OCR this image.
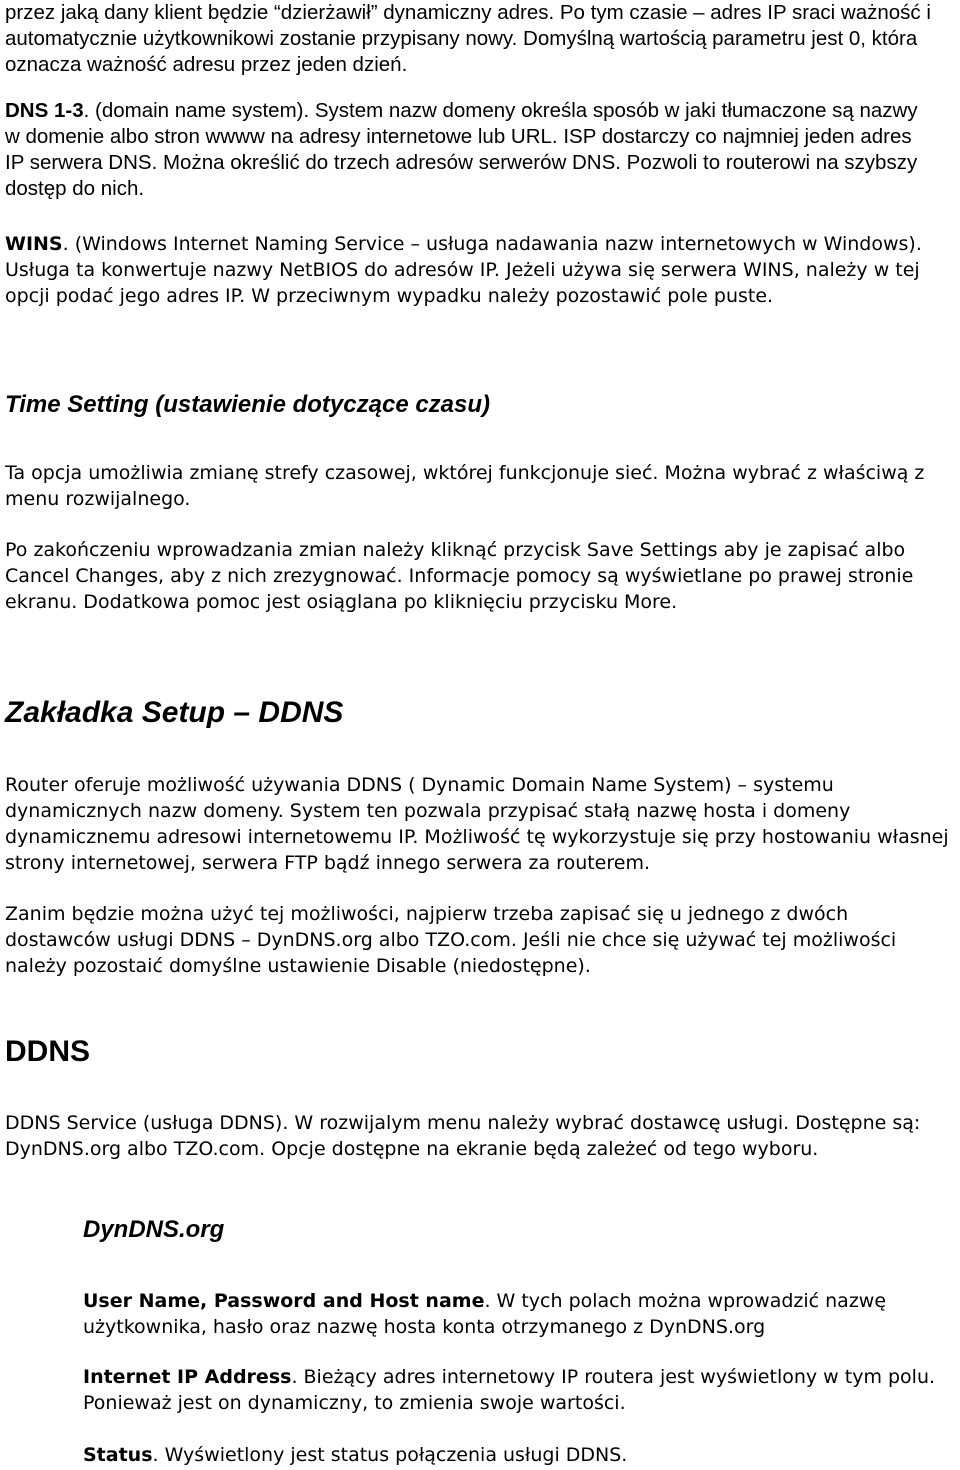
przez jaką dany klient będzie “dzierżawił” dynamiczny adres. Po tym czasie – adres IP sraci ważność i automatycznie użytkownikowi zostanie przypisany nowy. Domyślną wartością parametru jest 0, która oznacza ważność adresu przez jeden dzień.

DNS 1-3. (domain name system). System nazw domeny określa sposób w jaki tłumaczone są nazwy w domenie albo stron wwww na adresy internetowe lub URL. ISP dostarczy co najmniej jeden adres IP serwera DNS. Można określić do trzech adresów serwerów DNS. Pozwoli to routerowi na szybszy dostęp do nich.

WINS. (Windows Internet Naming Service – usługa nadawania nazw internetowych w Windows). Usługa ta konwertuje nazwy NetBIOS do adresów IP. Jeżeli używa się serwera WINS, należy w tej opcji podać jego adres IP. W przeciwnym wypadku należy pozostawić pole puste.

Time Setting (ustawienie dotyczące czasu)

Ta opcja umożliwia zmianę strefy czasowej, wktórej funkcjonuje sieć. Można wybrać z właściwą z menu rozwijalnego.

Po zakończeniu wprowadzania zmian należy kliknąć przycisk Save Settings aby je zapisać albo Cancel Changes, aby z nich zrezygnować. Informacje pomocy są wyświetlane po prawej stronie ekranu. Dodatkowa pomoc jest osiąglana po kliknięciu przycisku More.

Zakładka Setup – DDNS

Router oferuje możliwość używania DDNS ( Dynamic Domain Name System) – systemu dynamicznych nazw domeny. System ten pozwala przypisać stałą nazwę hosta i domeny dynamicznemu adresowi internetowemu IP. Możliwość tę wykorzystuje się przy hostowaniu własnej strony internetowej, serwera FTP bądź innego serwera za routerem.

Zanim będzie można użyć tej możliwości, najpierw trzeba zapisać się u jednego z dwóch dostawców usługi DDNS – DynDNS.org albo TZO.com. Jeśli nie chce się używać tej możliwości należy pozostaić domyślne ustawienie Disable (niedostępne).

DDNS

DDNS Service (usługa DDNS). W rozwijalym menu należy wybrać dostawcę usługi. Dostępne są: DynDNS.org albo TZO.com. Opcje dostępne na ekranie będą zależeć od tego wyboru.

DynDNS.org

User Name, Password and Host name. W tych polach można wprowadzić nazwę użytkownika, hasło oraz nazwę hosta konta otrzymanego z DynDNS.org

Internet IP Address. Bieżący adres internetowy IP routera jest wyświetlony w tym polu. Ponieważ jest on dynamiczny, to zmienia swoje wartości.

Status. Wyświetlony jest status połączenia usługi DDNS.
